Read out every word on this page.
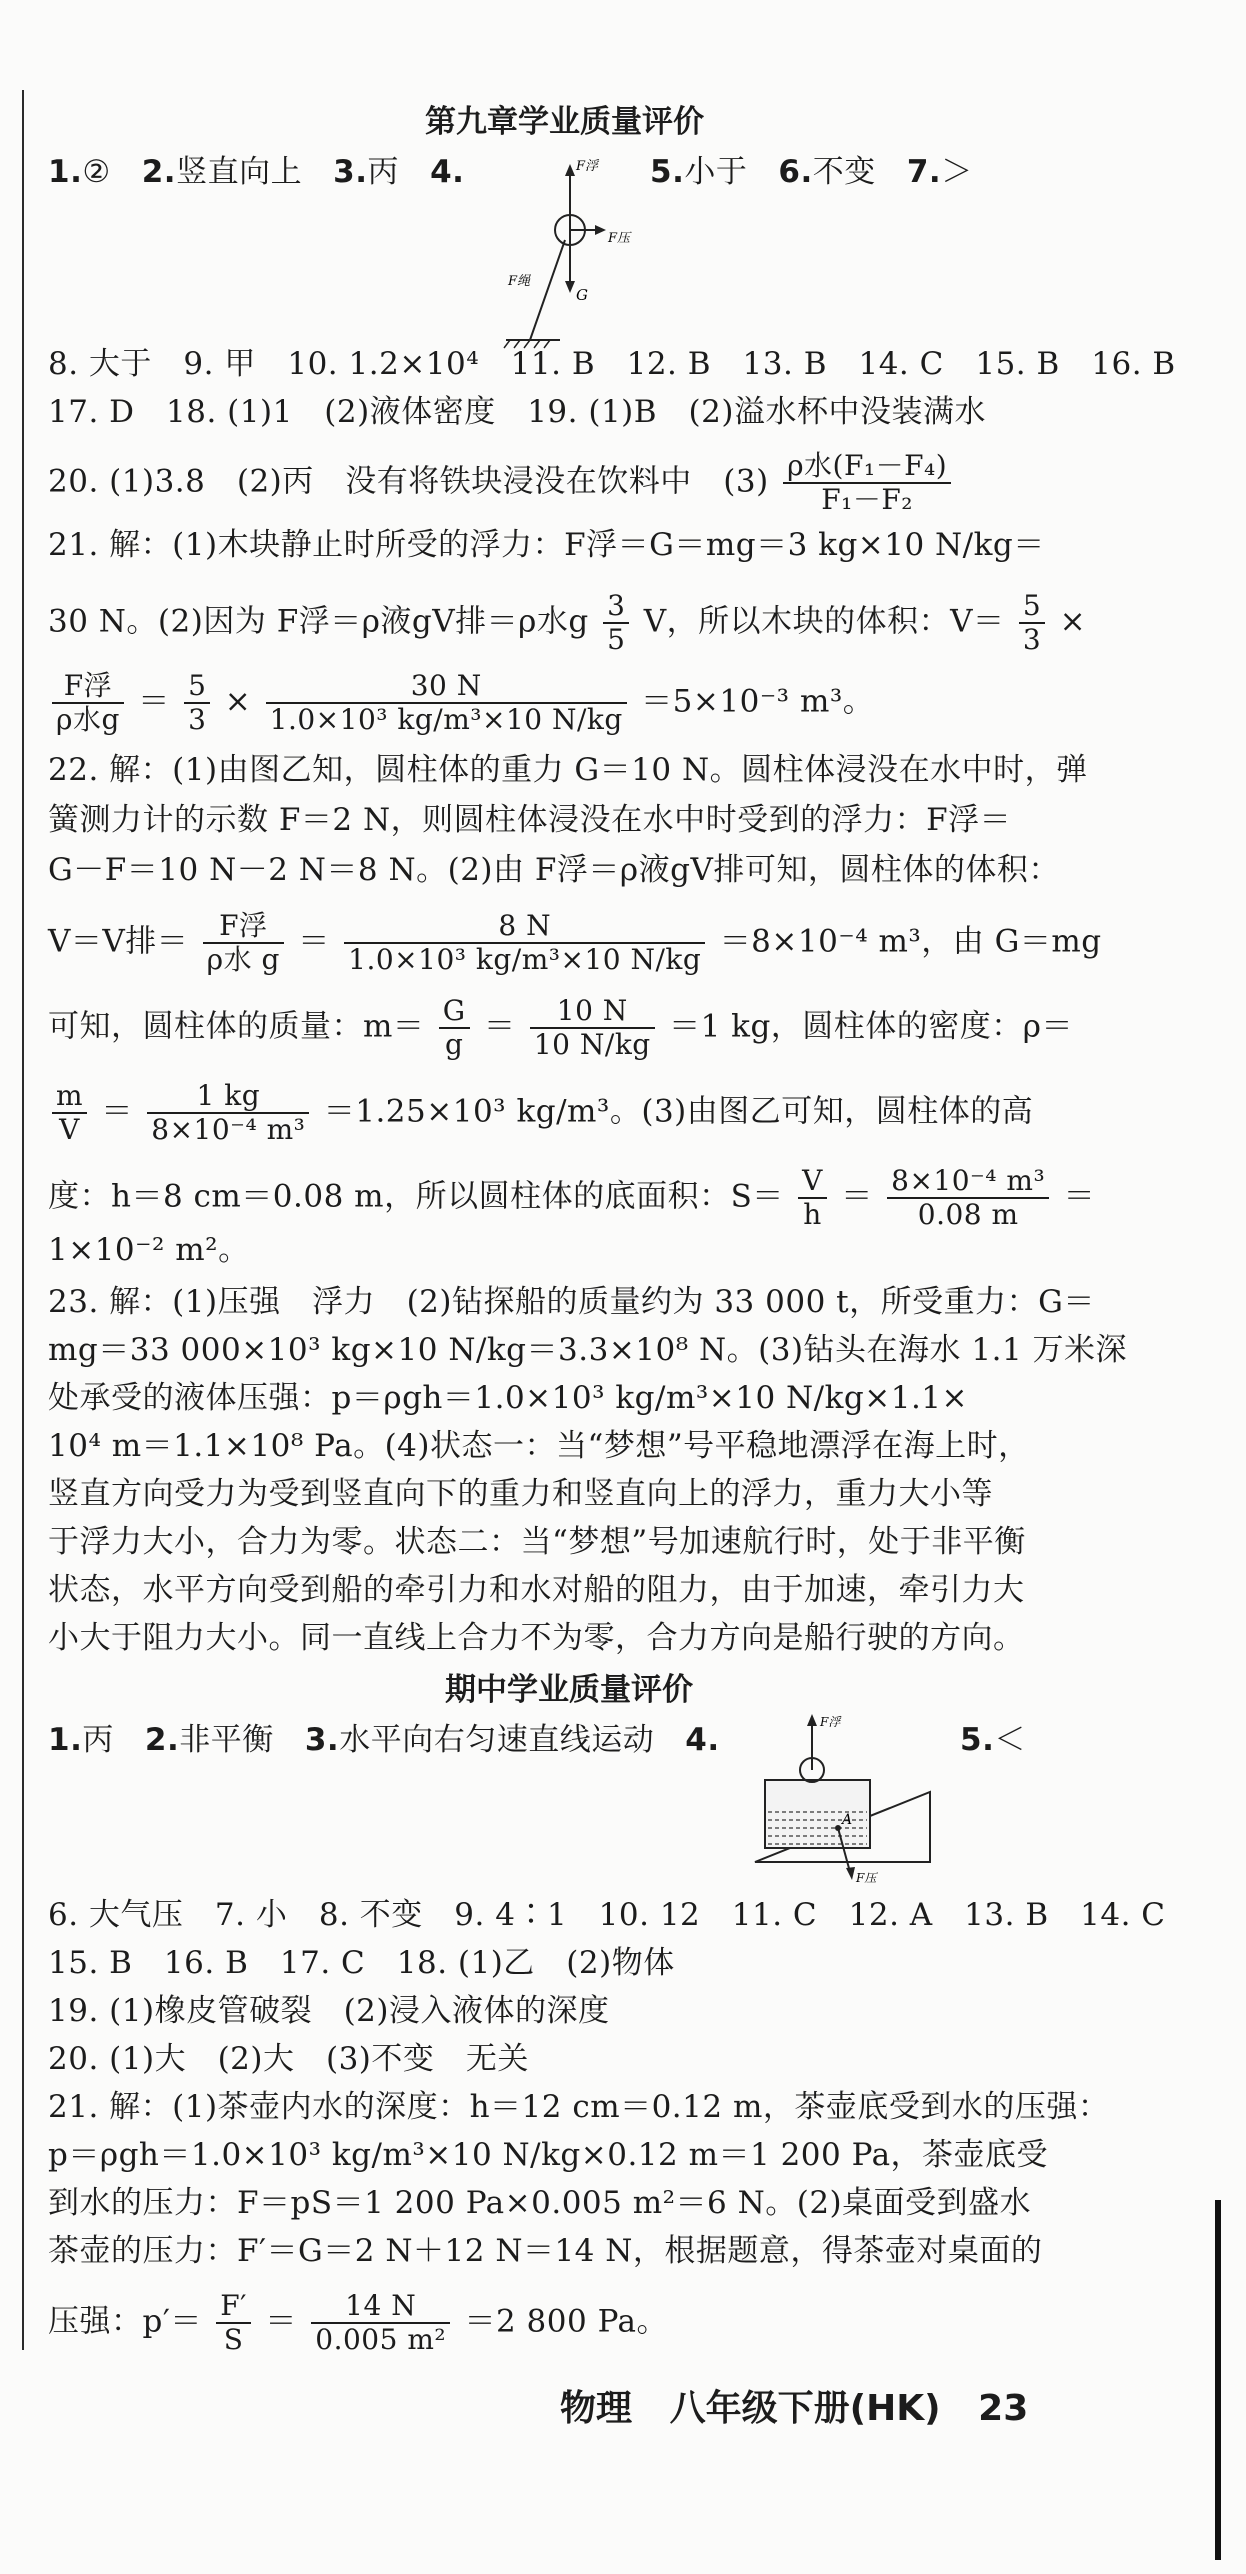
第九章学业质量评价
1.② 2.竖直向上 3.丙 4.	5.小于 6.不变 7.＞
F浮
F压
F绳
G
8. 大于　9. 甲　10. 1.2×10⁴　11. B　12. B　13. B　14. C　15. B　16. B
17. D　18. (1)1　(2)液体密度　19. (1)B　(2)溢水杯中没装满水
20. (1)3.8　(2)丙　没有将铁块浸没在饮料中　$(3) \frac{\text{ρ水(F₁－F₄)}}{\text{F₁－F₂}}$
21. 解：(1)木块静止时所受的浮力：F浮＝G＝mg＝3 kg×10 N/kg＝
30 N。(2)因为 F浮＝ρ液gV排＝ρ水g $\frac{3}{5}$ V，所以木块的体积：$V= \frac{5}{3}$ ×
$\frac{\text{F浮}}{\text{ρ水g}} = \frac{5}{3} \times \frac{30 N}{\text{1.0×10³ kg/m³×10 N/kg}} =5\times 10^{-3}$ m³。
22. 解：(1)由图乙知，圆柱体的重力 G＝10 N。圆柱体浸没在水中时，弹
簧测力计的示数 F＝2 N，则圆柱体浸没在水中时受到的浮力：F浮＝
G－F＝10 N－2 N＝8 N。(2)由 F浮＝ρ液gV排可知，圆柱体的体积：
V＝V排＝ $\frac{\text{F浮}}{\text{ρ水 g}} = \frac{8 N}{\text{1.0×10³ kg/m³×10 N/kg}} =8\times 10^{-4}$ m³，由 G＝mg
可知，圆柱体的质量：$m= \frac{G}{g} = \frac{10 N}{10 N/kg} =1$ kg，圆柱体的密度：ρ＝
$\frac{m}{V} = \frac{1 kg}{\text{8×10⁻⁴ m³}} =1.25\times 10^3$ kg/m³。(3)由图乙可知，圆柱体的高
度：h＝8 cm＝0.08 m，所以圆柱体的底面积：$S= \frac{V}{h} = \frac{\text{8×10⁻⁴ m³}}{0.08 m}$ ＝
1×10⁻² m²。
23. 解：(1)压强　浮力　(2)钻探船的质量约为 33 000 t，所受重力：G＝
mg＝33 000×10³ kg×10 N/kg＝3.3×10⁸ N。(3)钻头在海水 1.1 万米深
处承受的液体压强：p＝ρgh＝1.0×10³ kg/m³×10 N/kg×1.1×
10⁴ m＝1.1×10⁸ Pa。(4)状态一：当“梦想”号平稳地漂浮在海上时，
竖直方向受力为受到竖直向下的重力和竖直向上的浮力，重力大小等
于浮力大小，合力为零。状态二：当“梦想”号加速航行时，处于非平衡
状态，水平方向受到船的牵引力和水对船的阻力，由于加速，牵引力大
小大于阻力大小。同一直线上合力不为零，合力方向是船行驶的方向。
期中学业质量评价
1.丙 2.非平衡 3.水平向右匀速直线运动 4.	5.＜
F浮
A
F压
6. 大气压　7. 小　8. 不变　9. 4∶1　10. 12　11. C　12. A　13. B　14. C
15. B　16. B　17. C　18. (1)乙　(2)物体
19. (1)橡皮管破裂　(2)浸入液体的深度
20. (1)大　(2)大　(3)不变　无关
21. 解：(1)茶壶内水的深度：h＝12 cm＝0.12 m，茶壶底受到水的压强：
p＝ρgh＝1.0×10³ kg/m³×10 N/kg×0.12 m＝1 200 Pa，茶壶底受
到水的压力：F＝pS＝1 200 Pa×0.005 m²＝6 N。(2)桌面受到盛水
茶壶的压力：F′＝G＝2 N＋12 N＝14 N，根据题意，得茶壶对桌面的
压强：$p'= \frac{F'}{S} = \frac{14 N}{\text{0.005 m²}} =2$ 800 Pa。
物理 八年级下册(HK) 23
